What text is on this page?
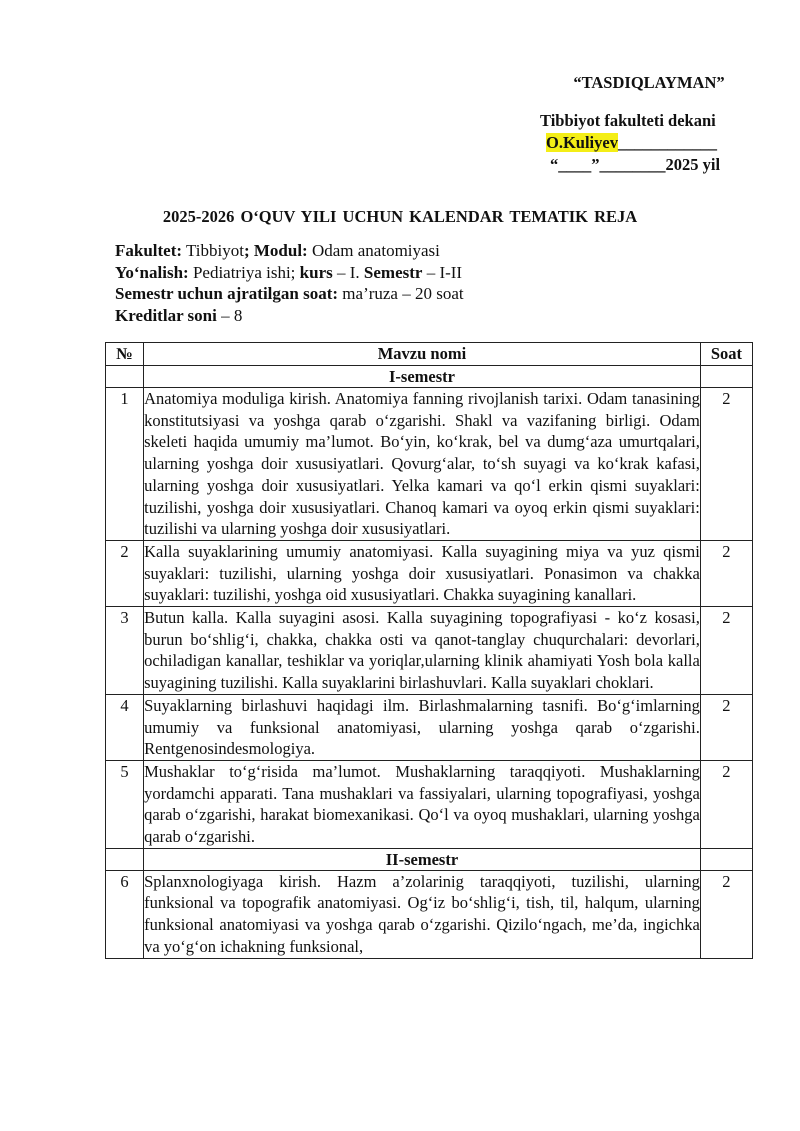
“TASDIQLAYMAN”
Tibbiyot fakulteti dekani
O.Kuliyev____________
“____”________2025 yil
2025-2026 O‘QUV YILI UCHUN KALENDAR TEMATIK REJA
Fakultet: Tibbiyot; Modul: Odam anatomiyasi
Yo‘nalish: Pediatriya ishi; kurs – I. Semestr – I-II
Semestr uchun ajratilgan soat: ma’ruza – 20 soat
Kreditlar soni – 8
№	Mavzu nomi	Soat
	I-semestr	
1	Anatomiya moduliga kirish. Anatomiya fanning rivojlanish tarixi. Odam tanasining konstitutsiyasi va yoshga qarab o‘zgarishi. Shakl va vazifaning birligi. Odam skeleti haqida umumiy ma’lumot. Bo‘yin, ko‘krak, bel va dumg‘aza umurtqalari, ularning yoshga doir xususiyatlari. Qovurg‘alar, to‘sh suyagi va ko‘krak kafasi, ularning yoshga doir xususiyatlari. Yelka kamari va qo‘l erkin qismi suyaklari: tuzilishi, yoshga doir xususiyatlari. Chanoq kamari va oyoq erkin qismi suyaklari: tuzilishi va ularning yoshga doir xususiyatlari.	2
2	Kalla suyaklarining umumiy anatomiyasi. Kalla suyagining miya va yuz qismi suyaklari: tuzilishi, ularning yoshga doir xususiyatlari. Ponasimon va chakka suyaklari: tuzilishi, yoshga oid xususiyatlari. Chakka suyagining kanallari.	2
3	Butun kalla. Kalla suyagini asosi. Kalla suyagining topografiyasi - ko‘z kosasi, burun bo‘shlig‘i, chakka, chakka osti va qanot-tanglay chuqurchalari: devorlari, ochiladigan kanallar, teshiklar va yoriqlar,ularning klinik ahamiyati Yosh bola kalla suyagining tuzilishi. Kalla suyaklarini birlashuvlari. Kalla suyaklari choklari.	2
4	Suyaklarning birlashuvi haqidagi ilm. Birlashmalarning tasnifi. Bo‘g‘imlarning umumiy va funksional anatomiyasi, ularning yoshga qarab o‘zgarishi. Rentgenosindesmologiya.	2
5	Mushaklar to‘g‘risida ma’lumot. Mushaklarning taraqqiyoti. Mushaklarning yordamchi apparati. Tana mushaklari va fassiyalari, ularning topografiyasi, yoshga qarab o‘zgarishi, harakat biomexanikasi. Qo‘l va oyoq mushaklari, ularning yoshga qarab o‘zgarishi.	2
	II-semestr	
6	Splanxnologiyaga kirish. Hazm a’zolarinig taraqqiyoti, tuzilishi, ularning funksional va topografik anatomiyasi. Og‘iz bo‘shlig‘i, tish, til, halqum, ularning funksional anatomiyasi va yoshga qarab o‘zgarishi. Qizilo‘ngach, me’da, ingichka va yo‘g‘on ichakning funksional,	2
